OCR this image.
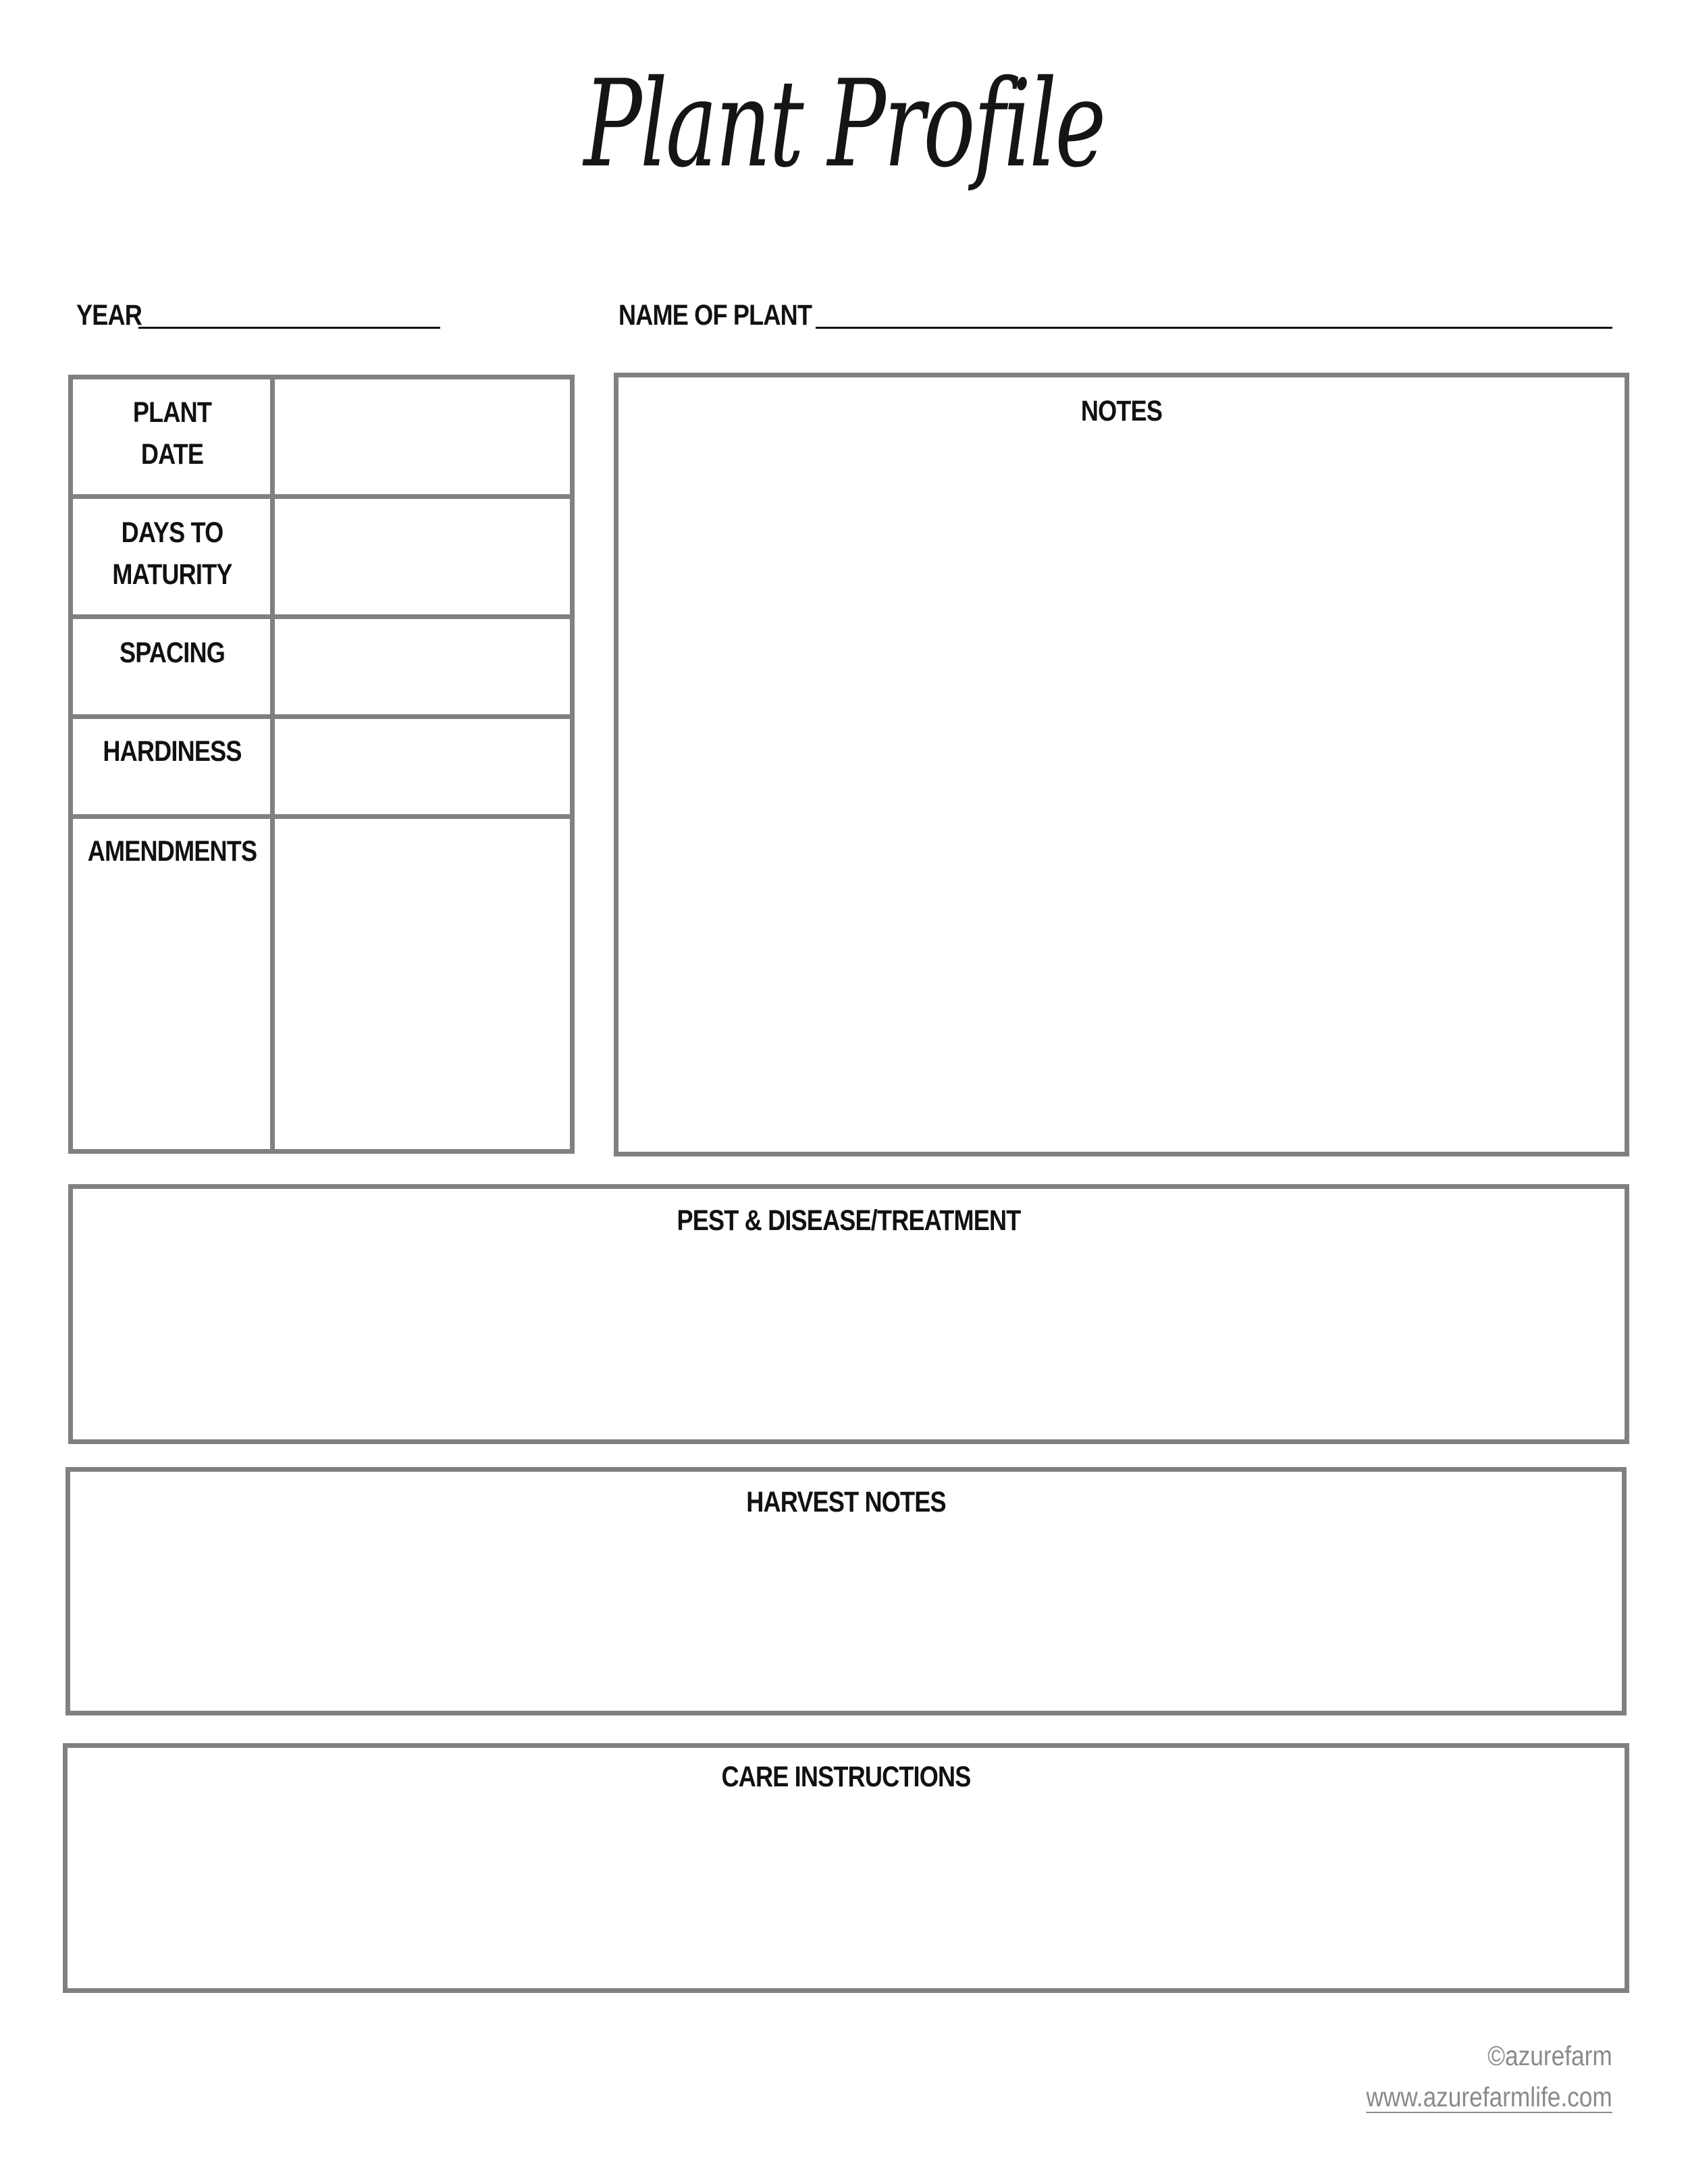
Plant Profile
YEAR	NAME OF PLANT
PLANT
DATE
DAYS TO
MATURITY
SPACING
HARDINESS
AMENDMENTS
NOTES
PEST & DISEASE/TREATMENT
HARVEST NOTES
CARE INSTRUCTIONS
©azurefarm
www.azurefarmlife.com
